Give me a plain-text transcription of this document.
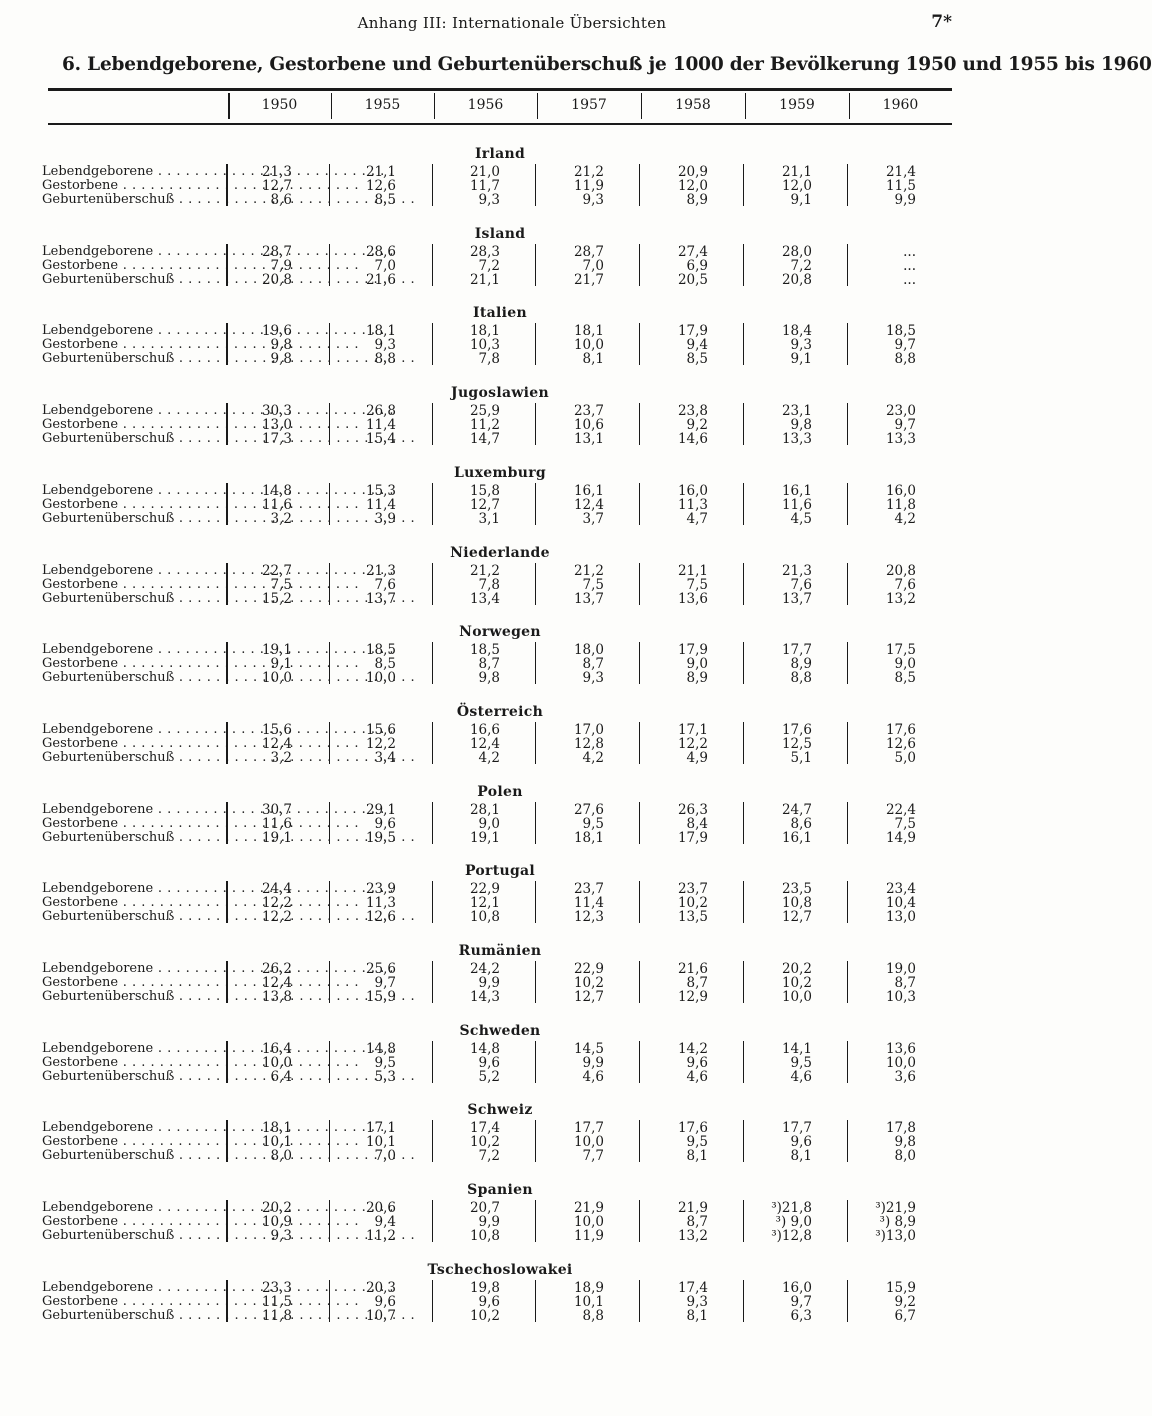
Anhang III: Internationale Übersichten	7*
6. Lebendgeborene, Gestorbene und Geburtenüberschuß je 1000 der Bevölkerung 1950 und 1955 bis 1960
1950	1955	1956	1957	1958	1959	1960
Irland
Lebendgeborene . . .	21,3	21,1	21,0	21,2	20,9	21,1	21,4
Gestorbene . . .	12,7	12,6	11,7	11,9	12,0	12,0	11,5
Geburtenüberschuß . . .	8,6	8,5	9,3	9,3	8,9	9,1	9,9
Island
Lebendgeborene . . .	28,7	28,6	28,3	28,7	27,4	28,0	...
Gestorbene . . .	7,9	7,0	7,2	7,0	6,9	7,2	...
Geburtenüberschuß . . .	20,8	21,6	21,1	21,7	20,5	20,8	...
Italien
Lebendgeborene . . .	19,6	18,1	18,1	18,1	17,9	18,4	18,5
Gestorbene . . .	9,8	9,3	10,3	10,0	9,4	9,3	9,7
Geburtenüberschuß . . .	9,8	8,8	7,8	8,1	8,5	9,1	8,8
Jugoslawien
Lebendgeborene . . .	30,3	26,8	25,9	23,7	23,8	23,1	23,0
Gestorbene . . .	13,0	11,4	11,2	10,6	9,2	9,8	9,7
Geburtenüberschuß . . .	17,3	15,4	14,7	13,1	14,6	13,3	13,3
Luxemburg
Lebendgeborene . . .	14,8	15,3	15,8	16,1	16,0	16,1	16,0
Gestorbene . . .	11,6	11,4	12,7	12,4	11,3	11,6	11,8
Geburtenüberschuß . . .	3,2	3,9	3,1	3,7	4,7	4,5	4,2
Niederlande
Lebendgeborene . . .	22,7	21,3	21,2	21,2	21,1	21,3	20,8
Gestorbene . . .	7,5	7,6	7,8	7,5	7,5	7,6	7,6
Geburtenüberschuß . . .	15,2	13,7	13,4	13,7	13,6	13,7	13,2
Norwegen
Lebendgeborene . . .	19,1	18,5	18,5	18,0	17,9	17,7	17,5
Gestorbene . . .	9,1	8,5	8,7	8,7	9,0	8,9	9,0
Geburtenüberschuß . . .	10,0	10,0	9,8	9,3	8,9	8,8	8,5
Österreich
Lebendgeborene . . .	15,6	15,6	16,6	17,0	17,1	17,6	17,6
Gestorbene . . .	12,4	12,2	12,4	12,8	12,2	12,5	12,6
Geburtenüberschuß . . .	3,2	3,4	4,2	4,2	4,9	5,1	5,0
Polen
Lebendgeborene . . .	30,7	29,1	28,1	27,6	26,3	24,7	22,4
Gestorbene . . .	11,6	9,6	9,0	9,5	8,4	8,6	7,5
Geburtenüberschuß . . .	19,1	19,5	19,1	18,1	17,9	16,1	14,9
Portugal
Lebendgeborene . . .	24,4	23,9	22,9	23,7	23,7	23,5	23,4
Gestorbene . . .	12,2	11,3	12,1	11,4	10,2	10,8	10,4
Geburtenüberschuß . . .	12,2	12,6	10,8	12,3	13,5	12,7	13,0
Rumänien
Lebendgeborene . . .	26,2	25,6	24,2	22,9	21,6	20,2	19,0
Gestorbene . . .	12,4	9,7	9,9	10,2	8,7	10,2	8,7
Geburtenüberschuß . . .	13,8	15,9	14,3	12,7	12,9	10,0	10,3
Schweden
Lebendgeborene . . .	16,4	14,8	14,8	14,5	14,2	14,1	13,6
Gestorbene . . .	10,0	9,5	9,6	9,9	9,6	9,5	10,0
Geburtenüberschuß . . .	6,4	5,3	5,2	4,6	4,6	4,6	3,6
Schweiz
Lebendgeborene . . .	18,1	17,1	17,4	17,7	17,6	17,7	17,8
Gestorbene . . .	10,1	10,1	10,2	10,0	9,5	9,6	9,8
Geburtenüberschuß . . .	8,0	7,0	7,2	7,7	8,1	8,1	8,0
Spanien
Lebendgeborene . . .	20,2	20,6	20,7	21,9	21,9	³)21,8	³)21,9
Gestorbene . . .	10,9	9,4	9,9	10,0	8,7	³) 9,0	³) 8,9
Geburtenüberschuß . . .	9,3	11,2	10,8	11,9	13,2	³)12,8	³)13,0
Tschechoslowakei
Lebendgeborene . . .	23,3	20,3	19,8	18,9	17,4	16,0	15,9
Gestorbene . . .	11,5	9,6	9,6	10,1	9,3	9,7	9,2
Geburtenüberschuß . . .	11,8	10,7	10,2	8,8	8,1	6,3	6,7
